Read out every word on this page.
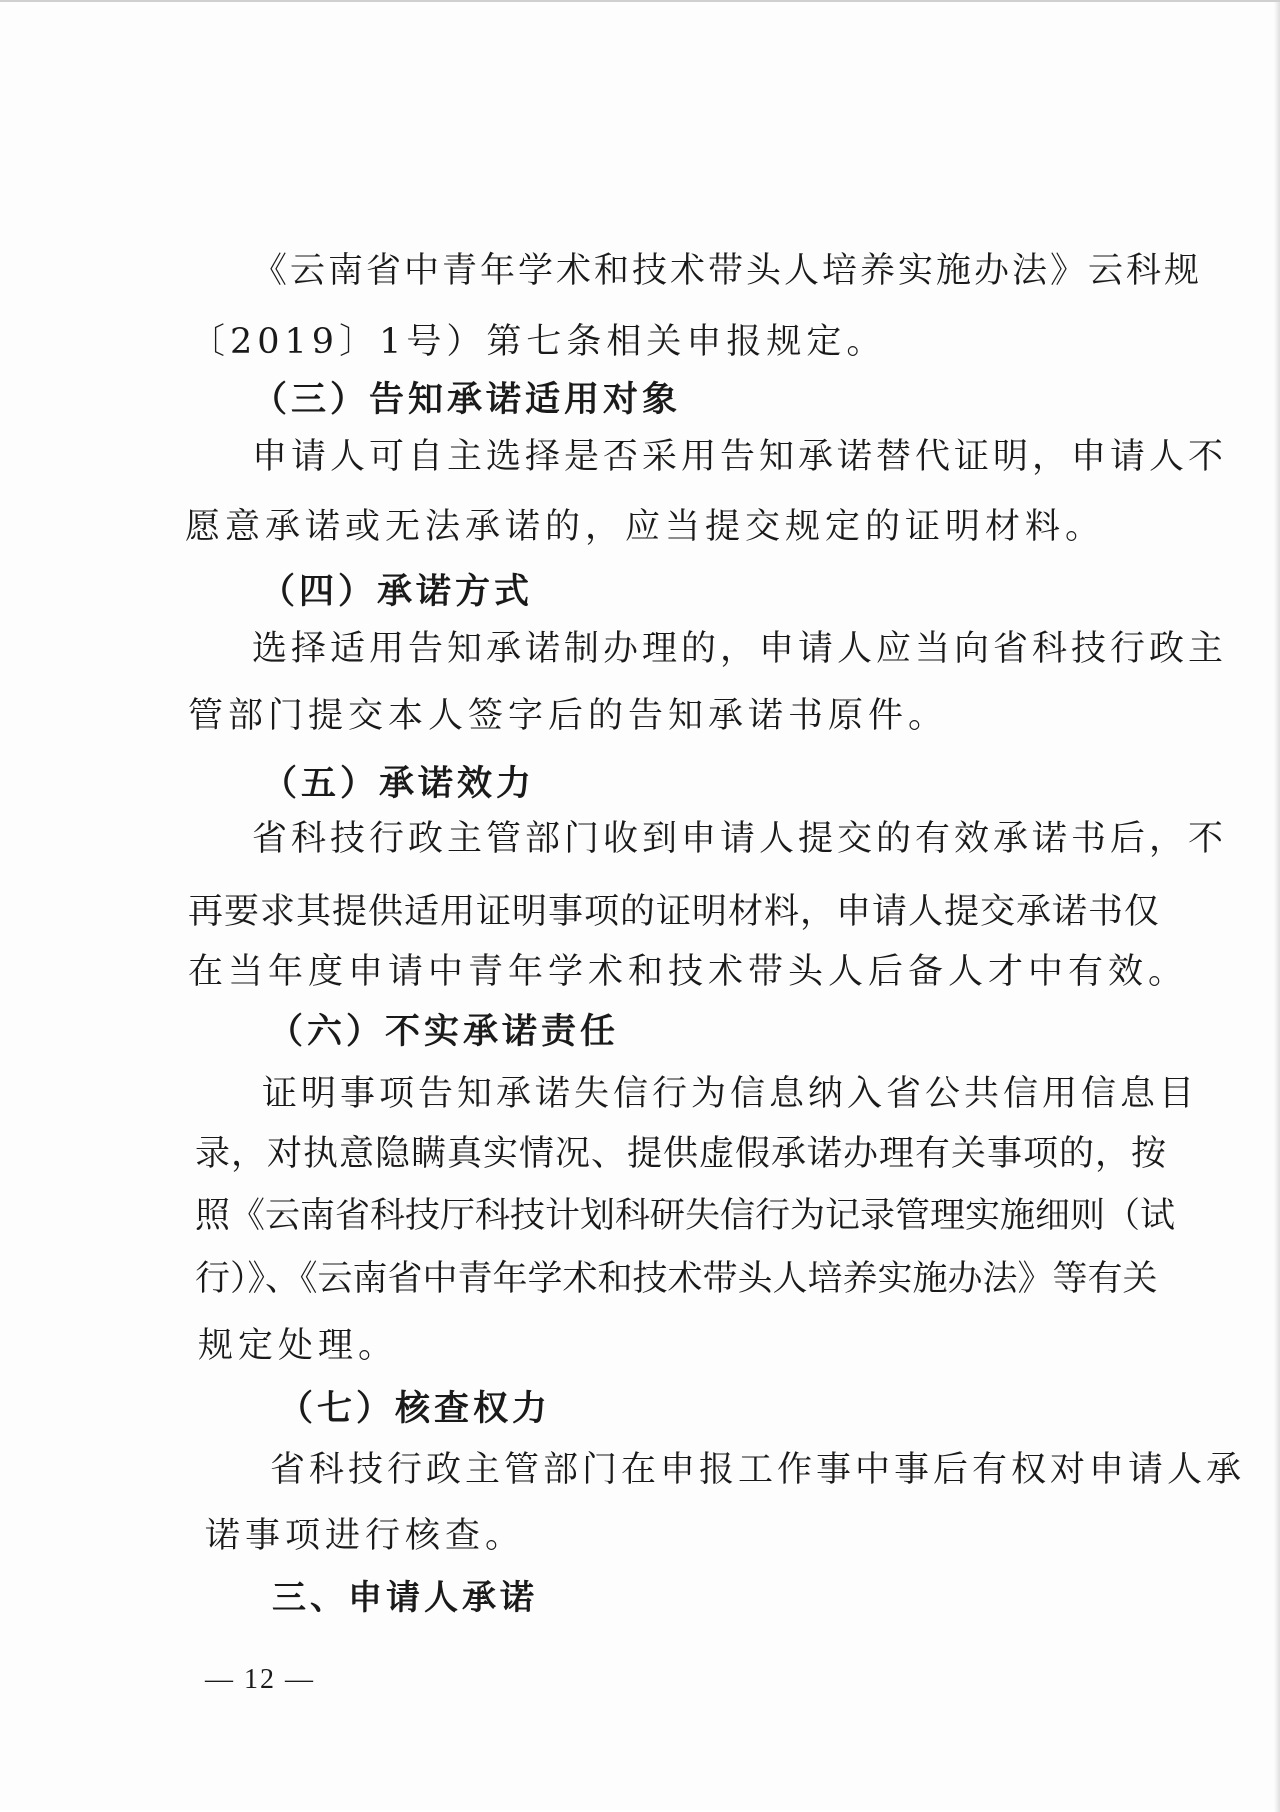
《云南省中青年学术和技术带头人培养实施办法》云科规
〔2019〕1号）第七条相关申报规定。
（三）告知承诺适用对象
申请人可自主选择是否采用告知承诺替代证明，申请人不
愿意承诺或无法承诺的，应当提交规定的证明材料。
（四）承诺方式
选择适用告知承诺制办理的，申请人应当向省科技行政主
管部门提交本人签字后的告知承诺书原件。
（五）承诺效力
省科技行政主管部门收到申请人提交的有效承诺书后，不
再要求其提供适用证明事项的证明材料，申请人提交承诺书仅
在当年度申请中青年学术和技术带头人后备人才中有效。
（六）不实承诺责任
证明事项告知承诺失信行为信息纳入省公共信用信息目
录，对执意隐瞒真实情况、提供虚假承诺办理有关事项的，按
照《云南省科技厅科技计划科研失信行为记录管理实施细则（试
行）》、《云南省中青年学术和技术带头人培养实施办法》等有关
规定处理。
（七）核查权力
省科技行政主管部门在申报工作事中事后有权对申请人承
诺事项进行核查。
三、申请人承诺
— 12 —
